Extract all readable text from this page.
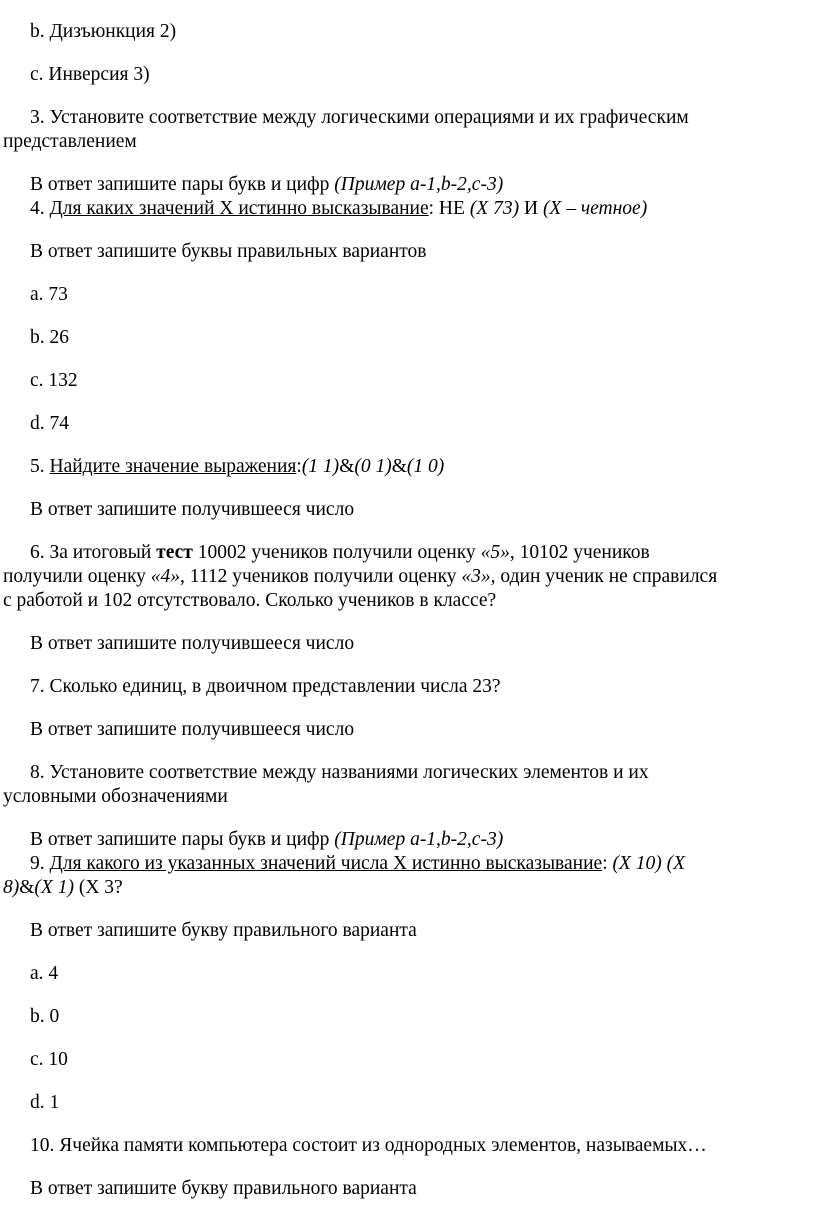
b. Дизъюнкция 2)
c. Инверсия 3)
3. Установите соответствие между логическими операциями и их графическим
представлением
В ответ запишите пары букв и цифр (Пример a-1,b-2,c-3)
4. Для каких значений Х истинно высказывание: НЕ (Х 73) И (X – четное)
В ответ запишите буквы правильных вариантов
a. 73
b. 26
c. 132
d. 74
5. Найдите значение выражения:(1 1)&(0 1)&(1 0)
В ответ запишите получившееся число
6. За итоговый тест 10002 учеников получили оценку «5», 10102 учеников
получили оценку «4», 1112 учеников получили оценку «3», один ученик не справился
с работой и 102 отсутствовало. Сколько учеников в классе?
В ответ запишите получившееся число
7. Сколько единиц, в двоичном представлении числа 23?
В ответ запишите получившееся число
8. Установите соответствие между названиями логических элементов и их
условными обозначениями
В ответ запишите пары букв и цифр (Пример a-1,b-2,c-3)
9. Для какого из указанных значений числа X истинно высказывание: (X 10) (X
8)&(X 1) (X 3?
В ответ запишите букву правильного варианта
a. 4
b. 0
c. 10
d. 1
10. Ячейка памяти компьютера состоит из однородных элементов, называемых…
В ответ запишите букву правильного варианта
